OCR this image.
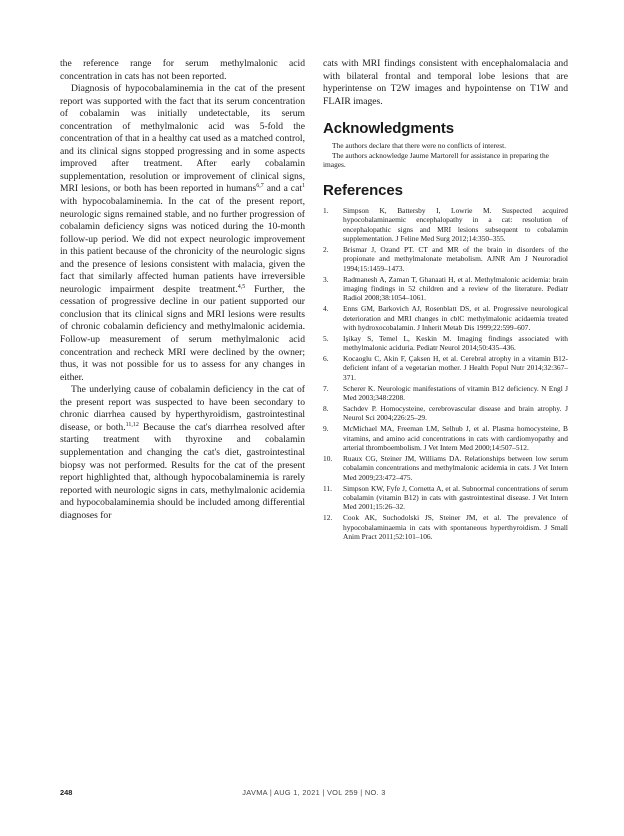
the reference range for serum methylmalonic acid concentration in cats has not been reported.

Diagnosis of hypocobalaminemia in the cat of the present report was supported with the fact that its serum concentration of cobalamin was initially undetectable, its serum concentration of methylmalonic acid was 5-fold the concentration of that in a healthy cat used as a matched control, and its clinical signs stopped progressing and in some aspects improved after treatment. After early cobalamin supplementation, resolution or improvement of clinical signs, MRI lesions, or both has been reported in humans$^{6,7}$ and a cat$^1$ with hypocobalaminemia. In the cat of the present report, neurologic signs remained stable, and no further progression of cobalamin deficiency signs was noticed during the 10-month follow-up period. We did not expect neurologic improvement in this patient because of the chronicity of the neurologic signs and the presence of lesions consistent with malacia, given the fact that similarly affected human patients have irreversible neurologic impairment despite treatment.$^{4,5}$ Further, the cessation of progressive decline in our patient supported our conclusion that its clinical signs and MRI lesions were results of chronic cobalamin deficiency and methylmalonic acidemia. Follow-up measurement of serum methylmalonic acid concentration and recheck MRI were declined by the owner; thus, it was not possible for us to assess for any changes in either.

The underlying cause of cobalamin deficiency in the cat of the present report was suspected to have been secondary to chronic diarrhea caused by hyperthyroidism, gastrointestinal disease, or both.$^{11,12}$ Because the cat's diarrhea resolved after starting treatment with thyroxine and cobalamin supplementation and changing the cat's diet, gastrointestinal biopsy was not performed. Results for the cat of the present report highlighted that, although hypocobalaminemia is rarely reported with neurologic signs in cats, methylmalonic acidemia and hypocobalaminemia should be included among differential diagnoses for

cats with MRI findings consistent with encephalomalacia and with bilateral frontal and temporal lobe lesions that are hyperintense on T2W images and hypointense on T1W and FLAIR images.

Acknowledgments

The authors declare that there were no conflicts of interest.

The authors acknowledge Jaume Martorell for assistance in preparing the images.

References
1. Simpson K, Battersby I, Lowrie M. Suspected acquired hypocobalaminaemic encephalopathy in a cat: resolution of encephalopathic signs and MRI lesions subsequent to cobalamin supplementation. J Feline Med Surg 2012;14:350–355.
2. Brismar J, Ozand PT. CT and MR of the brain in disorders of the propionate and methylmalonate metabolism. AJNR Am J Neuroradiol 1994;15:1459–1473.
3. Radmanesh A, Zaman T, Ghanaati H, et al. Methylmalonic acidemia: brain imaging findings in 52 children and a review of the literature. Pediatr Radiol 2008;38:1054–1061.
4. Enns GM, Barkovich AJ, Rosenblatt DS, et al. Progressive neurological deterioration and MRI changes in cblC methylmalonic acidaemia treated with hydroxocobalamin. J Inherit Metab Dis 1999;22:599–607.
5. Işikay S, Temel L, Keskin M. Imaging findings associated with methylmalonic aciduria. Pediatr Neurol 2014;50:435–436.
6. Kocaoglu C, Akin F, Çaksen H, et al. Cerebral atrophy in a vitamin B12-deficient infant of a vegetarian mother. J Health Popul Nutr 2014;32:367–371.
7. Scherer K. Neurologic manifestations of vitamin B12 deficiency. N Engl J Med 2003;348:2208.
8. Sachdev P. Homocysteine, cerebrovascular disease and brain atrophy. J Neurol Sci 2004;226:25–29.
9. McMichael MA, Freeman LM, Selhub J, et al. Plasma homocysteine, B vitamins, and amino acid concentrations in cats with cardiomyopathy and arterial thromboembolism. J Vet Intern Med 2000;14:507–512.
10. Ruaux CG, Steiner JM, Williams DA. Relationships between low serum cobalamin concentrations and methylmalonic acidemia in cats. J Vet Intern Med 2009;23:472–475.
11. Simpson KW, Fyfe J, Cornetta A, et al. Subnormal concentrations of serum cobalamin (vitamin B12) in cats with gastrointestinal disease. J Vet Intern Med 2001;15:26–32.
12. Cook AK, Suchodolski JS, Steiner JM, et al. The prevalence of hypocobalaminaemia in cats with spontaneous hyperthyroidism. J Small Anim Pract 2011;52:101–106.
248	JAVMA | AUG 1, 2021 | VOL 259 | NO. 3
